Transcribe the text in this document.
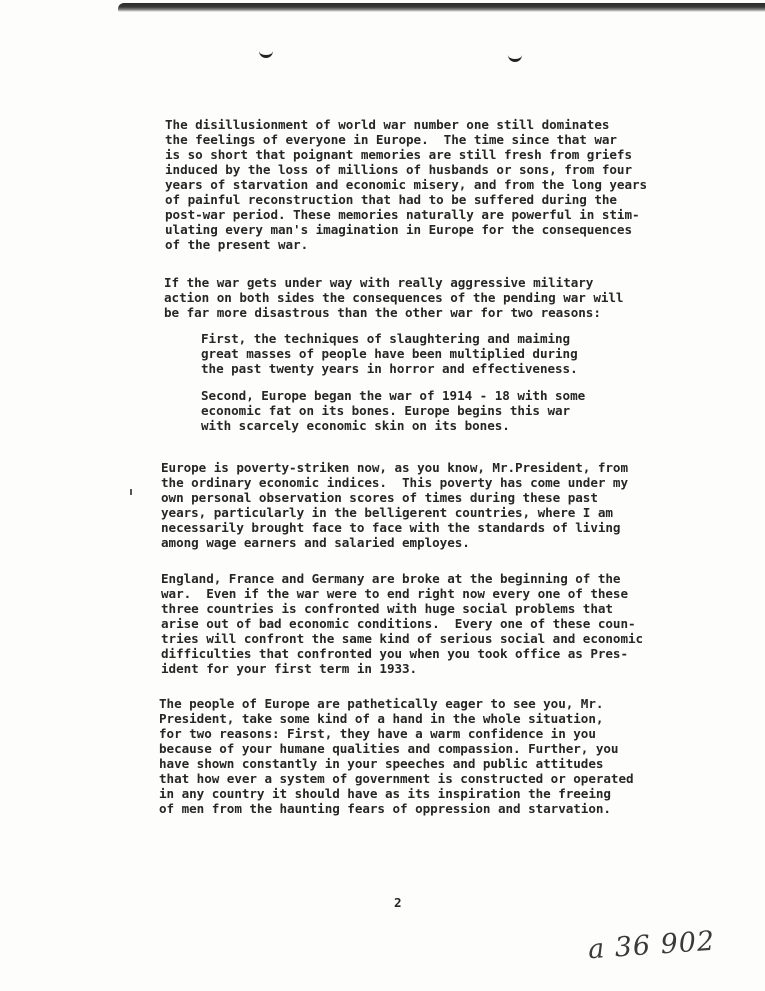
The disillusionment of world war number one still dominates
the feelings of everyone in Europe.  The time since that war
is so short that poignant memories are still fresh from griefs
induced by the loss of millions of husbands or sons, from four
years of starvation and economic misery, and from the long years
of painful reconstruction that had to be suffered during the
post-war period. These memories naturally are powerful in stim-
ulating every man's imagination in Europe for the consequences
of the present war.

If the war gets under way with really aggressive military
action on both sides the consequences of the pending war will
be far more disastrous than the other war for two reasons:

First, the techniques of slaughtering and maiming
great masses of people have been multiplied during
the past twenty years in horror and effectiveness.

Second, Europe began the war of 1914 - 18 with some
economic fat on its bones. Europe begins this war
with scarcely economic skin on its bones.

Europe is poverty-striken now, as you know, Mr.President, from
the ordinary economic indices.  This poverty has come under my
own personal observation scores of times during these past
years, particularly in the belligerent countries, where I am
necessarily brought face to face with the standards of living
among wage earners and salaried employes.

England, France and Germany are broke at the beginning of the
war.  Even if the war were to end right now every one of these
three countries is confronted with huge social problems that
arise out of bad economic conditions.  Every one of these coun-
tries will confront the same kind of serious social and economic
difficulties that confronted you when you took office as Pres-
ident for your first term in 1933.

The people of Europe are pathetically eager to see you, Mr.
President, take some kind of a hand in the whole situation,
for two reasons: First, they have a warm confidence in you
because of your humane qualities and compassion. Further, you
have shown constantly in your speeches and public attitudes
that how ever a system of government is constructed or operated
in any country it should have as its inspiration the freeing
of men from the haunting fears of oppression and starvation.

2
a 36 902
